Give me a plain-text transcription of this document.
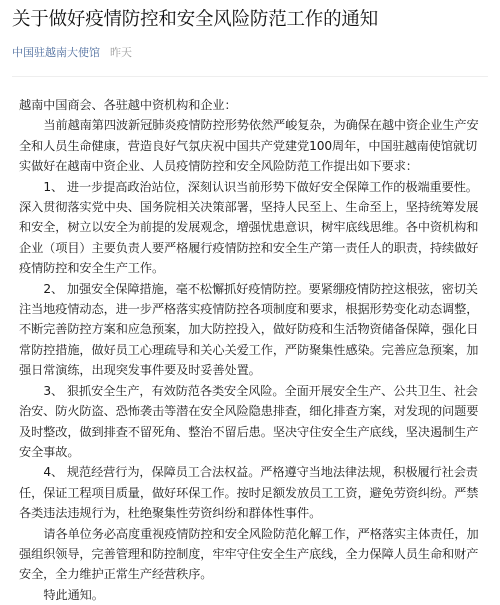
关于做好疫情防控和安全风险防范工作的通知
中国驻越南大使馆 昨天

越南中国商会、各驻越中资机构和企业：

当前越南第四波新冠肺炎疫情防控形势依然严峻复杂，为确保在越中资企业生产安全和人员生命健康，营造良好气氛庆祝中国共产党建党100周年，中国驻越南使馆就切实做好在越南中资企业、人员疫情防控和安全风险防范工作提出如下要求：

1、 进一步提高政治站位，深刻认识当前形势下做好安全保障工作的极端重要性。深入贯彻落实党中央、国务院相关决策部署，坚持人民至上、生命至上，坚持统筹发展和安全，树立以安全为前提的发展观念，增强忧患意识，树牢底线思维。各中资机构和企业（项目）主要负责人要严格履行疫情防控和安全生产第一责任人的职责，持续做好疫情防控和安全生产工作。

2、 加强安全保障措施，毫不松懈抓好疫情防控。要紧绷疫情防控这根弦，密切关注当地疫情动态，进一步严格落实疫情防控各项制度和要求，根据形势变化动态调整，不断完善防控方案和应急预案，加大防控投入，做好防疫和生活物资储备保障，强化日常防控措施，做好员工心理疏导和关心关爱工作，严防聚集性感染。完善应急预案，加强日常演练，出现突发事件要及时妥善处置。

3、 狠抓安全生产，有效防范各类安全风险。全面开展安全生产、公共卫生、社会治安、防火防盗、恐怖袭击等潜在安全风险隐患排查，细化排查方案，对发现的问题要及时整改，做到排查不留死角、整治不留后患。坚决守住安全生产底线，坚决遏制生产安全事故。

4、 规范经营行为，保障员工合法权益。严格遵守当地法律法规，积极履行社会责任，保证工程项目质量，做好环保工作。按时足额发放员工工资，避免劳资纠纷。严禁各类违法违规行为，杜绝聚集性劳资纠纷和群体性事件。

请各单位务必高度重视疫情防控和安全风险防范化解工作，严格落实主体责任，加强组织领导，完善管理和防控制度，牢牢守住安全生产底线，全力保障人员生命和财产安全，全力维护正常生产经营秩序。

特此通知。
